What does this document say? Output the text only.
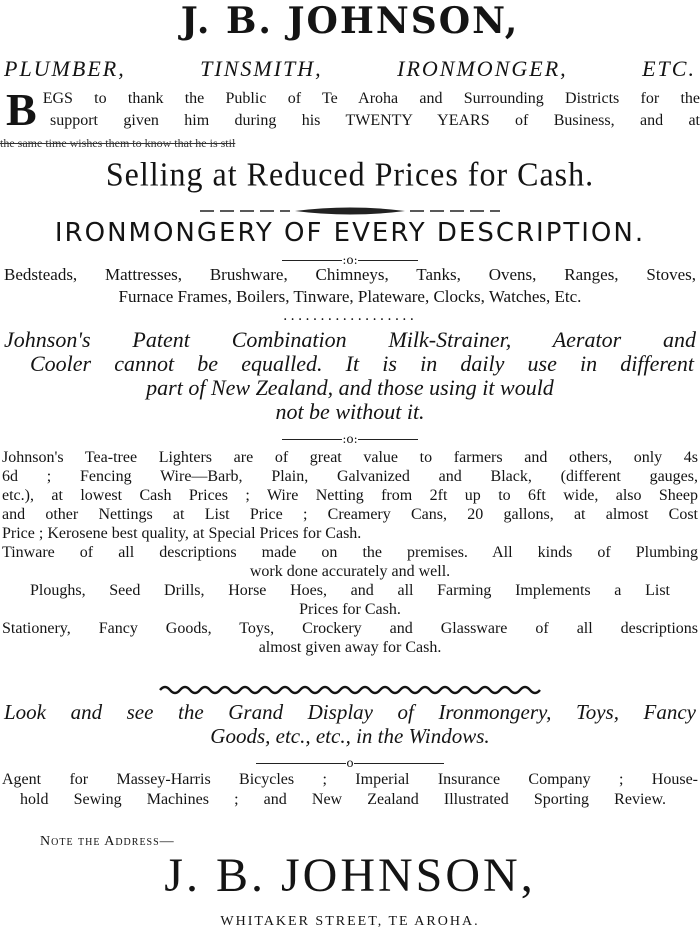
J. B. JOHNSON,
PLUMBER,	TINSMITH,	IRONMONGER,	ETC.
B EGS to thank the Public of Te Aroha and Surrounding Districts for the
support given him during his TWENTY YEARS of Business, and at
the same time wishes them to know that he is stil
Selling at Reduced Prices for Cash.
IRONMONGERY OF EVERY DESCRIPTION.
:o:
Bedsteads, Mattresses, Brushware, Chimneys, Tanks, Ovens, Ranges, Stoves,
Furnace Frames, Boilers, Tinware, Plateware, Clocks, Watches, Etc.
..................
Johnson's Patent Combination Milk-Strainer, Aerator and
Cooler cannot be equalled. It is in daily use in different
part of New Zealand, and those using it would
not be without it.
:o:
Johnson's Tea-tree Lighters are of great value to farmers and others, only 4s
6d ; Fencing Wire—Barb, Plain, Galvanized and Black, (different gauges,
etc.), at lowest Cash Prices ; Wire Netting from 2ft up to 6ft wide, also Sheep
and other Nettings at List Price ; Creamery Cans, 20 gallons, at almost Cost
Price ; Kerosene best quality, at Special Prices for Cash.
Tinware of all descriptions made on the premises. All kinds of Plumbing
work done accurately and well.
Ploughs, Seed Drills, Horse Hoes, and all Farming Implements a List
Prices for Cash.
Stationery, Fancy Goods, Toys, Crockery and Glassware of all descriptions
almost given away for Cash.
Look and see the Grand Display of Ironmongery, Toys, Fancy
Goods, etc., etc., in the Windows.
o
Agent for Massey-Harris Bicycles ; Imperial Insurance Company ; House-
hold Sewing Machines ; and New Zealand Illustrated Sporting Review.
Note the Address—
J. B. JOHNSON,
WHITAKER STREET, TE AROHA.
